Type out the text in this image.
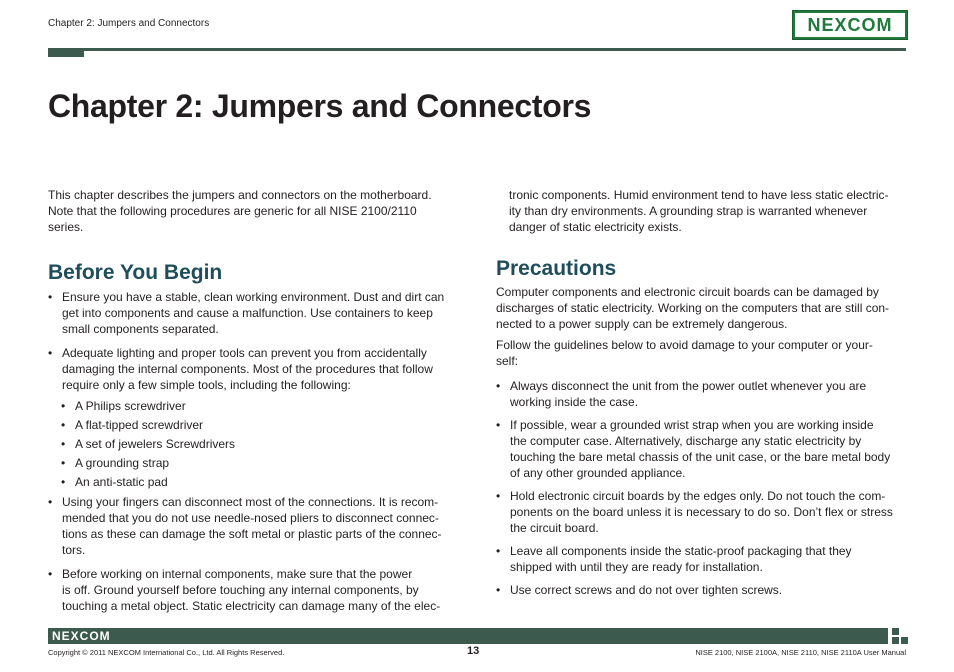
Chapter 2: Jumpers and Connectors	NEXCOM
Chapter 2: Jumpers and Connectors

This chapter describes the jumpers and connectors on the motherboard.
Note that the following procedures are generic for all NISE 2100/2110
series.

Before You Begin
• Ensure you have a stable, clean working environment. Dust and dirt can
get into components and cause a malfunction. Use containers to keep
small components separated.
• Adequate lighting and proper tools can prevent you from accidentally
damaging the internal components. Most of the procedures that follow
require only a few simple tools, including the following:
• A Philips screwdriver
• A flat-tipped screwdriver
• A set of jewelers Screwdrivers
• A grounding strap
• An anti-static pad
• Using your fingers can disconnect most of the connections. It is recom-
mended that you do not use needle-nosed pliers to disconnect connec-
tions as these can damage the soft metal or plastic parts of the connec-
tors.
• Before working on internal components, make sure that the power
is off. Ground yourself before touching any internal components, by
touching a metal object. Static electricity can damage many of the elec-

tronic components. Humid environment tend to have less static electric-
ity than dry environments. A grounding strap is warranted whenever
danger of static electricity exists.

Precautions

Computer components and electronic circuit boards can be damaged by
discharges of static electricity. Working on the computers that are still con-
nected to a power supply can be extremely dangerous.

Follow the guidelines below to avoid damage to your computer or your-
self:

• Always disconnect the unit from the power outlet whenever you are
working inside the case.
• If possible, wear a grounded wrist strap when you are working inside
the computer case. Alternatively, discharge any static electricity by
touching the bare metal chassis of the unit case, or the bare metal body
of any other grounded appliance.
• Hold electronic circuit boards by the edges only. Do not touch the com-
ponents on the board unless it is necessary to do so. Don’t flex or stress
the circuit board.
• Leave all components inside the static-proof packaging that they
shipped with until they are ready for installation.
• Use correct screws and do not over tighten screws.
NEXCOM
Copyright © 2011 NEXCOM International Co., Ltd. All Rights Reserved.	13	NISE 2100, NISE 2100A, NISE 2110, NISE 2110A User Manual
